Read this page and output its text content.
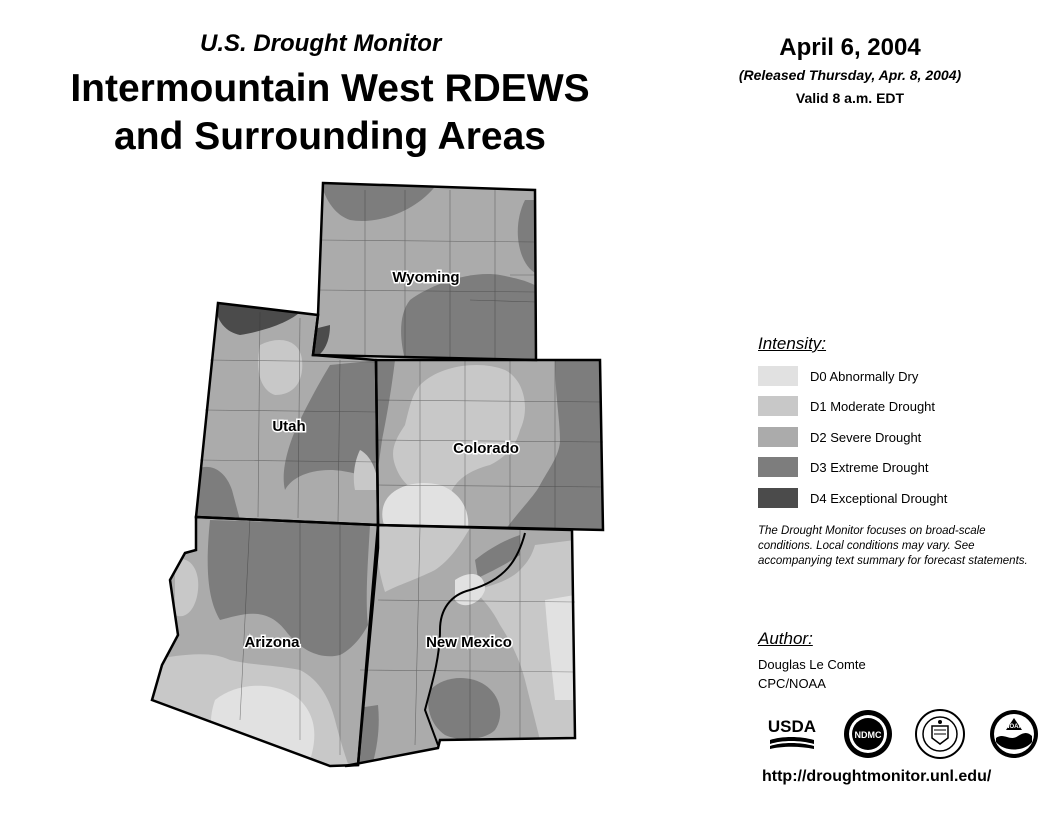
U.S. Drought Monitor
Intermountain West RDEWS
and Surrounding Areas
April 6, 2004
(Released Thursday, Apr. 8, 2004)
Valid 8 a.m. EDT
Wyoming
Utah
Colorado
Arizona	New Mexico
Intensity:
D0 Abnormally Dry
D1 Moderate Drought
D2 Severe Drought
D3 Extreme Drought
D4 Exceptional Drought
The Drought Monitor focuses on broad-scale conditions. Local conditions may vary. See accompanying text summary for forecast statements.
Author:
Douglas Le Comte
CPC/NOAA
USDA	NDMC
NOAA
http://droughtmonitor.unl.edu/
